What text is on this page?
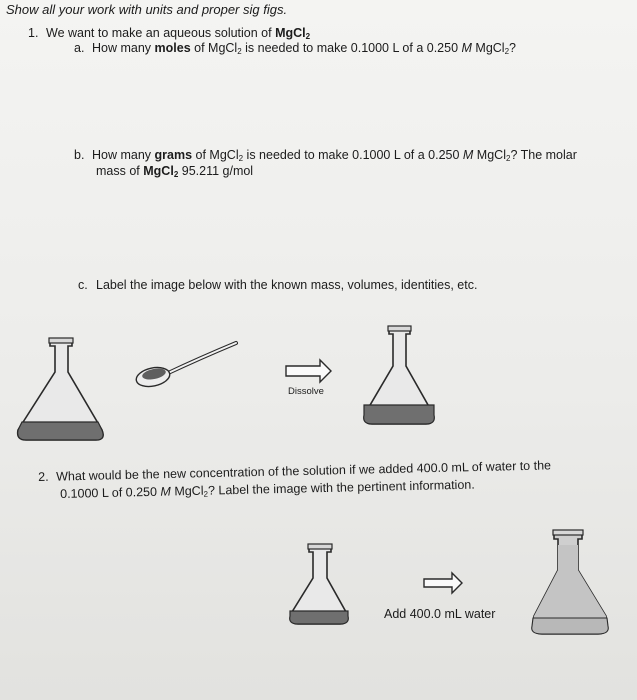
Show all your work with units and proper sig figs.
1. We want to make an aqueous solution of MgCl$_2$
a. How many moles of MgCl$_2$ is needed to make 0.1000 L of a 0.250 M MgCl$_2$?
b. How many grams of MgCl$_2$ is needed to make 0.1000 L of a 0.250 M MgCl$_2$? The molar
mass of MgCl$_2$ 95.211 g/mol
c. Label the image below with the known mass, volumes, identities, etc.
Dissolve
2. What would be the new concentration of the solution if we added 400.0 mL of water to the
0.1000 L of 0.250 M MgCl$_2$? Label the image with the pertinent information.
Add 400.0 mL water
